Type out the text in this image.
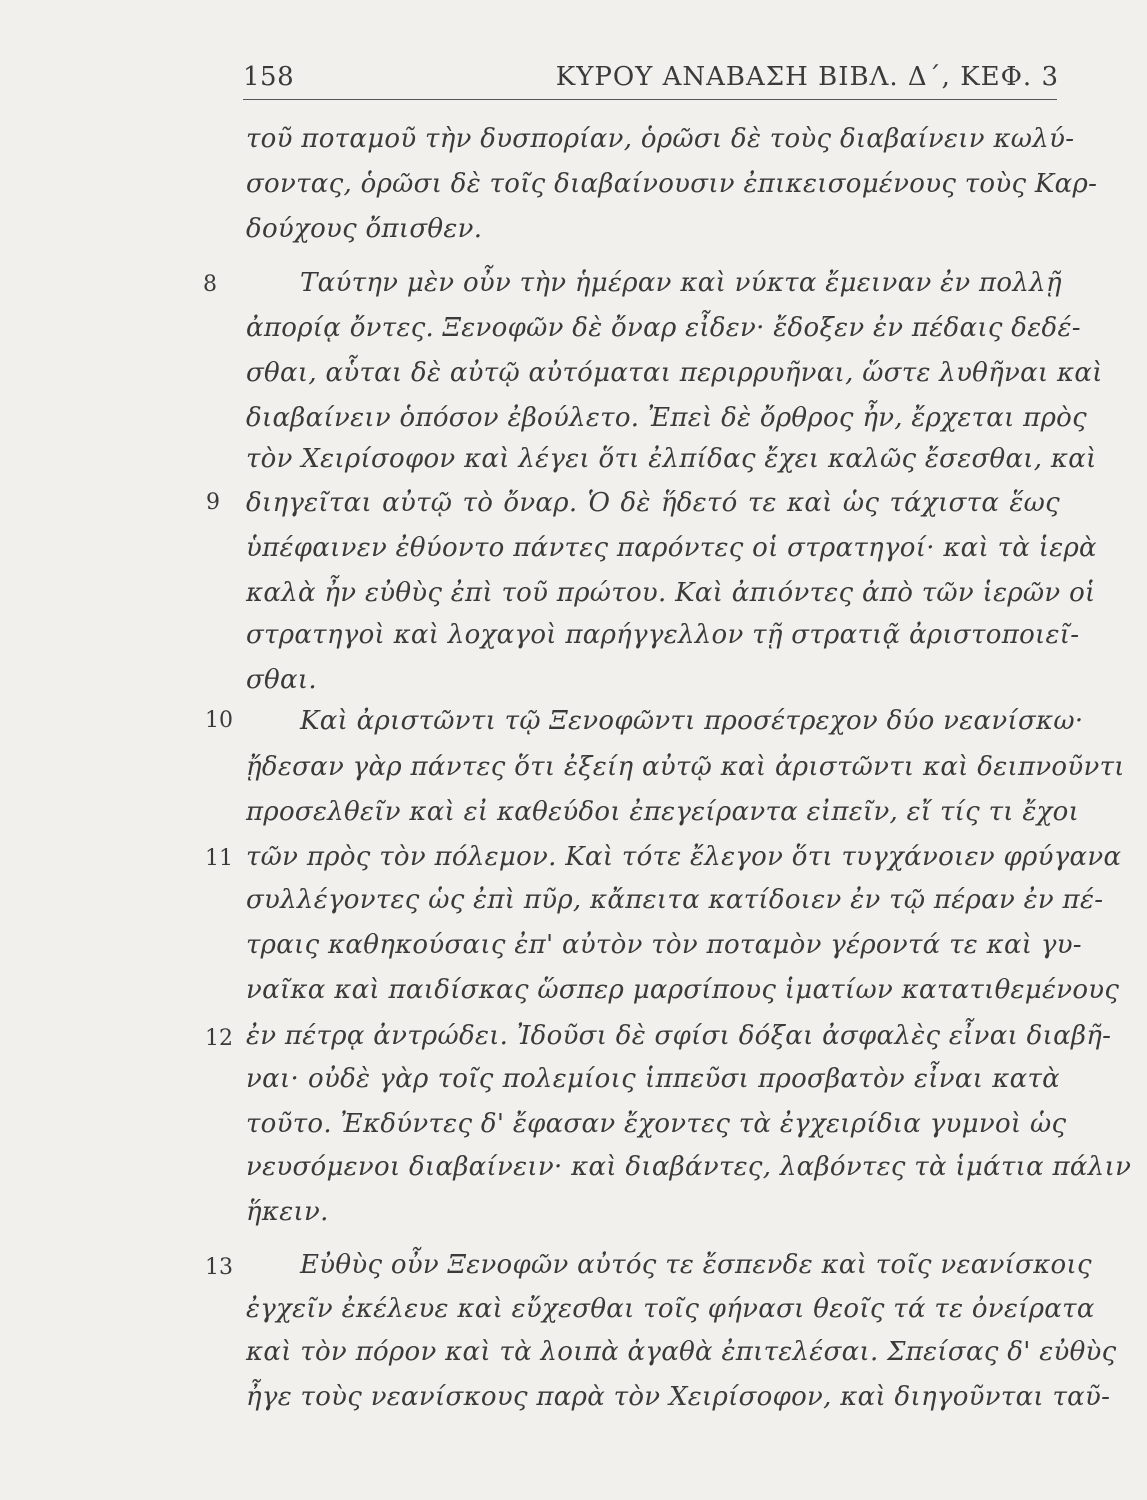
158	ΚΥΡΟΥ ΑΝΑΒΑΣΗ ΒΙΒΛ. Δ΄, ΚΕΦ. 3
8
9
10
11
12
13
τοῦ ποταμοῦ τὴν δυσπορίαν, ὁρῶσι δὲ τοὺς διαβαίνειν κωλύ-
σοντας, ὁρῶσι δὲ τοῖς διαβαίνουσιν ἐπικεισομένους τοὺς Καρ-
δούχους ὄπισθεν.
Ταύτην μὲν οὖν τὴν ἡμέραν καὶ νύκτα ἔμειναν ἐν πολλῇ
ἀπορίᾳ ὄντες. Ξενοφῶν δὲ ὄναρ εἶδεν· ἔδοξεν ἐν πέδαις δεδέ-
σθαι, αὗται δὲ αὐτῷ αὐτόμαται περιρρυῆναι, ὥστε λυθῆναι καὶ
διαβαίνειν ὁπόσον ἐβούλετο. Ἐπεὶ δὲ ὄρθρος ἦν, ἔρχεται πρὸς
τὸν Χειρίσοφον καὶ λέγει ὅτι ἐλπίδας ἔχει καλῶς ἔσεσθαι, καὶ
διηγεῖται αὐτῷ τὸ ὄναρ. Ὁ δὲ ἥδετό τε καὶ ὡς τάχιστα ἕως
ὑπέφαινεν ἐθύοντο πάντες παρόντες οἱ στρατηγοί· καὶ τὰ ἱερὰ
καλὰ ἦν εὐθὺς ἐπὶ τοῦ πρώτου. Καὶ ἀπιόντες ἀπὸ τῶν ἱερῶν οἱ
στρατηγοὶ καὶ λοχαγοὶ παρήγγελλον τῇ στρατιᾷ ἀριστοποιεῖ-
σθαι.
Καὶ ἀριστῶντι τῷ Ξενοφῶντι προσέτρεχον δύο νεανίσκω·
ᾔδεσαν γὰρ πάντες ὅτι ἐξείη αὐτῷ καὶ ἀριστῶντι καὶ δειπνοῦντι
προσελθεῖν καὶ εἰ καθεύδοι ἐπεγείραντα εἰπεῖν, εἴ τίς τι ἔχοι
τῶν πρὸς τὸν πόλεμον. Καὶ τότε ἔλεγον ὅτι τυγχάνοιεν φρύγανα
συλλέγοντες ὡς ἐπὶ πῦρ, κἄπειτα κατίδοιεν ἐν τῷ πέραν ἐν πέ-
τραις καθηκούσαις ἐπ' αὐτὸν τὸν ποταμὸν γέροντά τε καὶ γυ-
ναῖκα καὶ παιδίσκας ὥσπερ μαρσίπους ἱματίων κατατιθεμένους
ἐν πέτρᾳ ἀντρώδει. Ἰδοῦσι δὲ σφίσι δόξαι ἀσφαλὲς εἶναι διαβῆ-
ναι· οὐδὲ γὰρ τοῖς πολεμίοις ἱππεῦσι προσβατὸν εἶναι κατὰ
τοῦτο. Ἐκδύντες δ' ἔφασαν ἔχοντες τὰ ἐγχειρίδια γυμνοὶ ὡς
νευσόμενοι διαβαίνειν· καὶ διαβάντες, λαβόντες τὰ ἱμάτια πάλιν
ἥκειν.
Εὐθὺς οὖν Ξενοφῶν αὐτός τε ἔσπενδε καὶ τοῖς νεανίσκοις
ἐγχεῖν ἐκέλευε καὶ εὔχεσθαι τοῖς φήνασι θεοῖς τά τε ὀνείρατα
καὶ τὸν πόρον καὶ τὰ λοιπὰ ἀγαθὰ ἐπιτελέσαι. Σπείσας δ' εὐθὺς
ἦγε τοὺς νεανίσκους παρὰ τὸν Χειρίσοφον, καὶ διηγοῦνται ταῦ-
